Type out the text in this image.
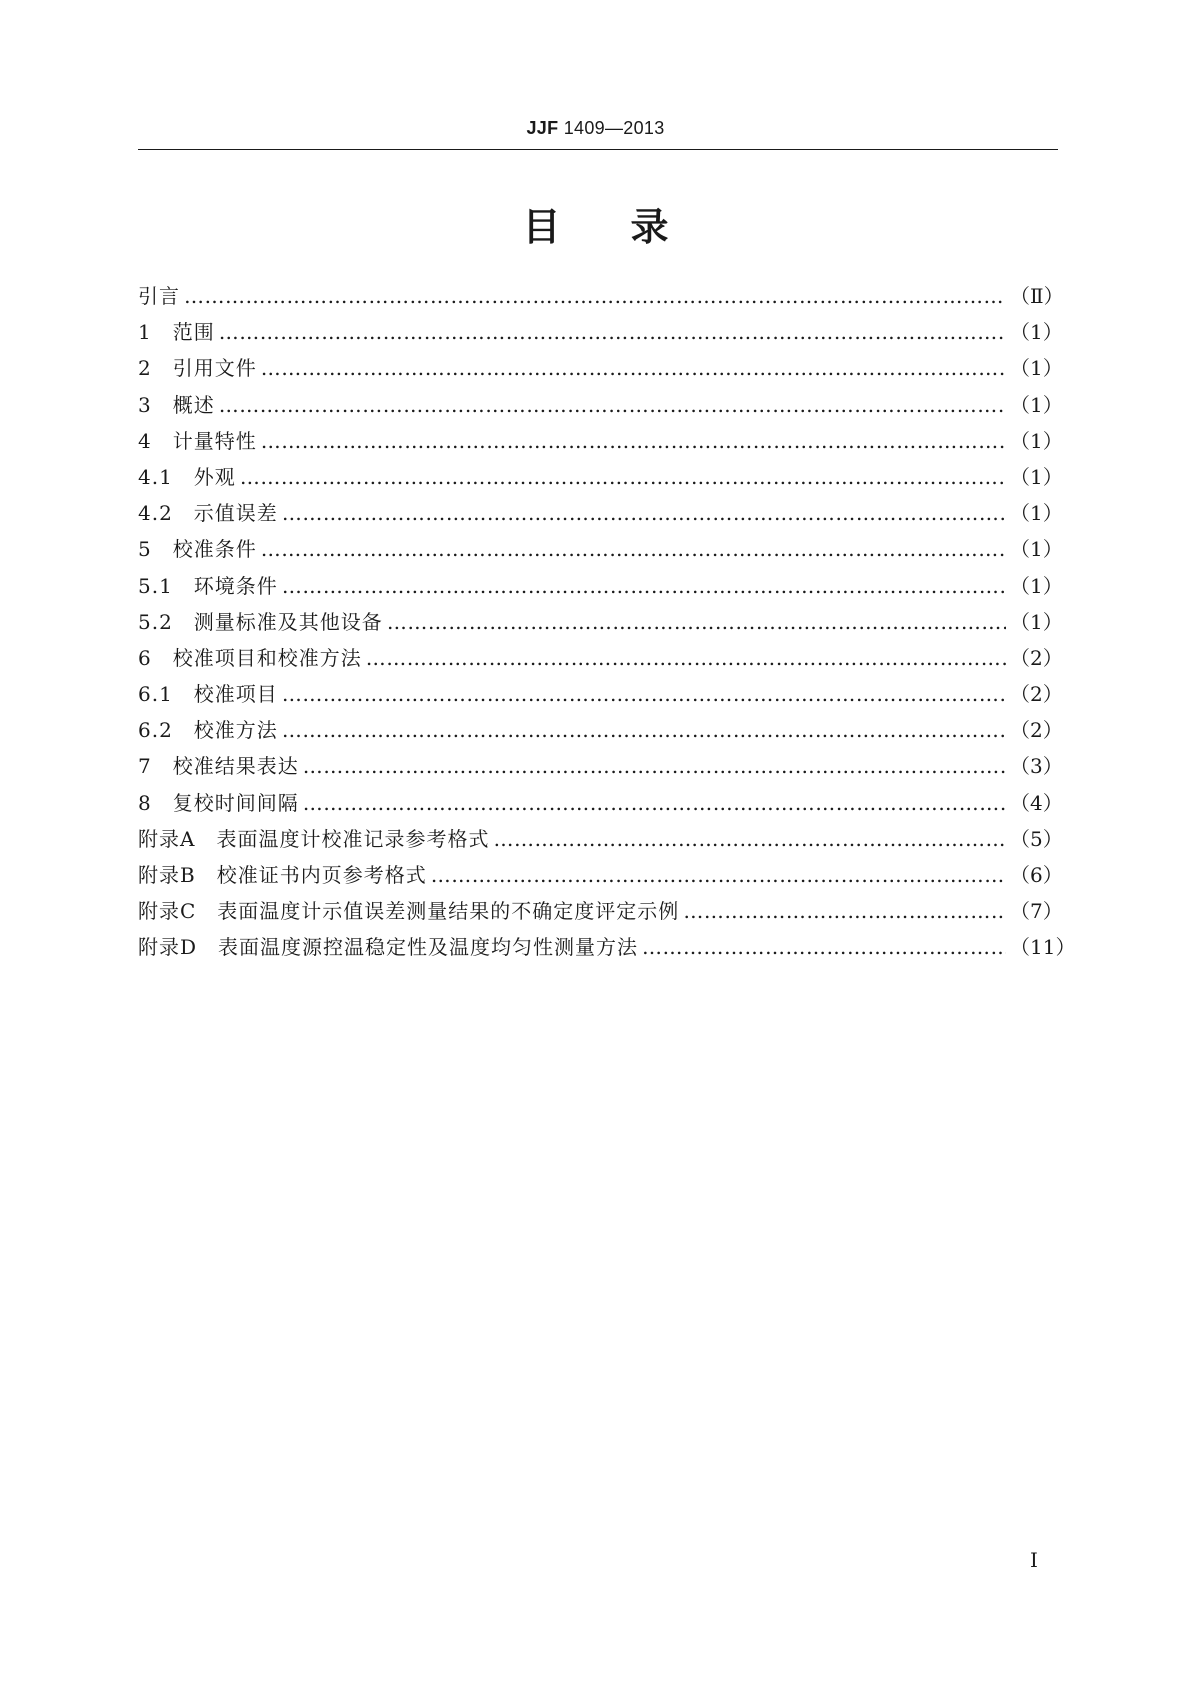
JJF 1409—2013
目录
引言 ………………………………………………………………………………………………………………………………………………………………………………………………	（Ⅱ）
1　范围 ………………………………………………………………………………………………………………………………………………………………………………………………	（1）
2　引用文件 ………………………………………………………………………………………………………………………………………………………………………………………………	（1）
3　概述 ………………………………………………………………………………………………………………………………………………………………………………………………	（1）
4　计量特性 ………………………………………………………………………………………………………………………………………………………………………………………………	（1）
4.1　外观 ………………………………………………………………………………………………………………………………………………………………………………………………	（1）
4.2　示值误差 ………………………………………………………………………………………………………………………………………………………………………………………………	（1）
5　校准条件 ………………………………………………………………………………………………………………………………………………………………………………………………	（1）
5.1　环境条件 ………………………………………………………………………………………………………………………………………………………………………………………………	（1）
5.2　测量标准及其他设备 ………………………………………………………………………………………………………………………………………………………………………………………………	（1）
6　校准项目和校准方法 ………………………………………………………………………………………………………………………………………………………………………………………………	（2）
6.1　校准项目 ………………………………………………………………………………………………………………………………………………………………………………………………	（2）
6.2　校准方法 ………………………………………………………………………………………………………………………………………………………………………………………………	（2）
7　校准结果表达 ………………………………………………………………………………………………………………………………………………………………………………………………	（3）
8　复校时间间隔 ………………………………………………………………………………………………………………………………………………………………………………………………	（4）
附录A　表面温度计校准记录参考格式 ………………………………………………………………………………………………………………………………………………………………………………………………	（5）
附录B　校准证书内页参考格式 ………………………………………………………………………………………………………………………………………………………………………………………………	（6）
附录C　表面温度计示值误差测量结果的不确定度评定示例 ………………………………………………………………………………………………………………………………………………………………………………………………	（7）
附录D　表面温度源控温稳定性及温度均匀性测量方法 ………………………………………………………………………………………………………………………………………………………………………………………………	（11）
Ⅰ
